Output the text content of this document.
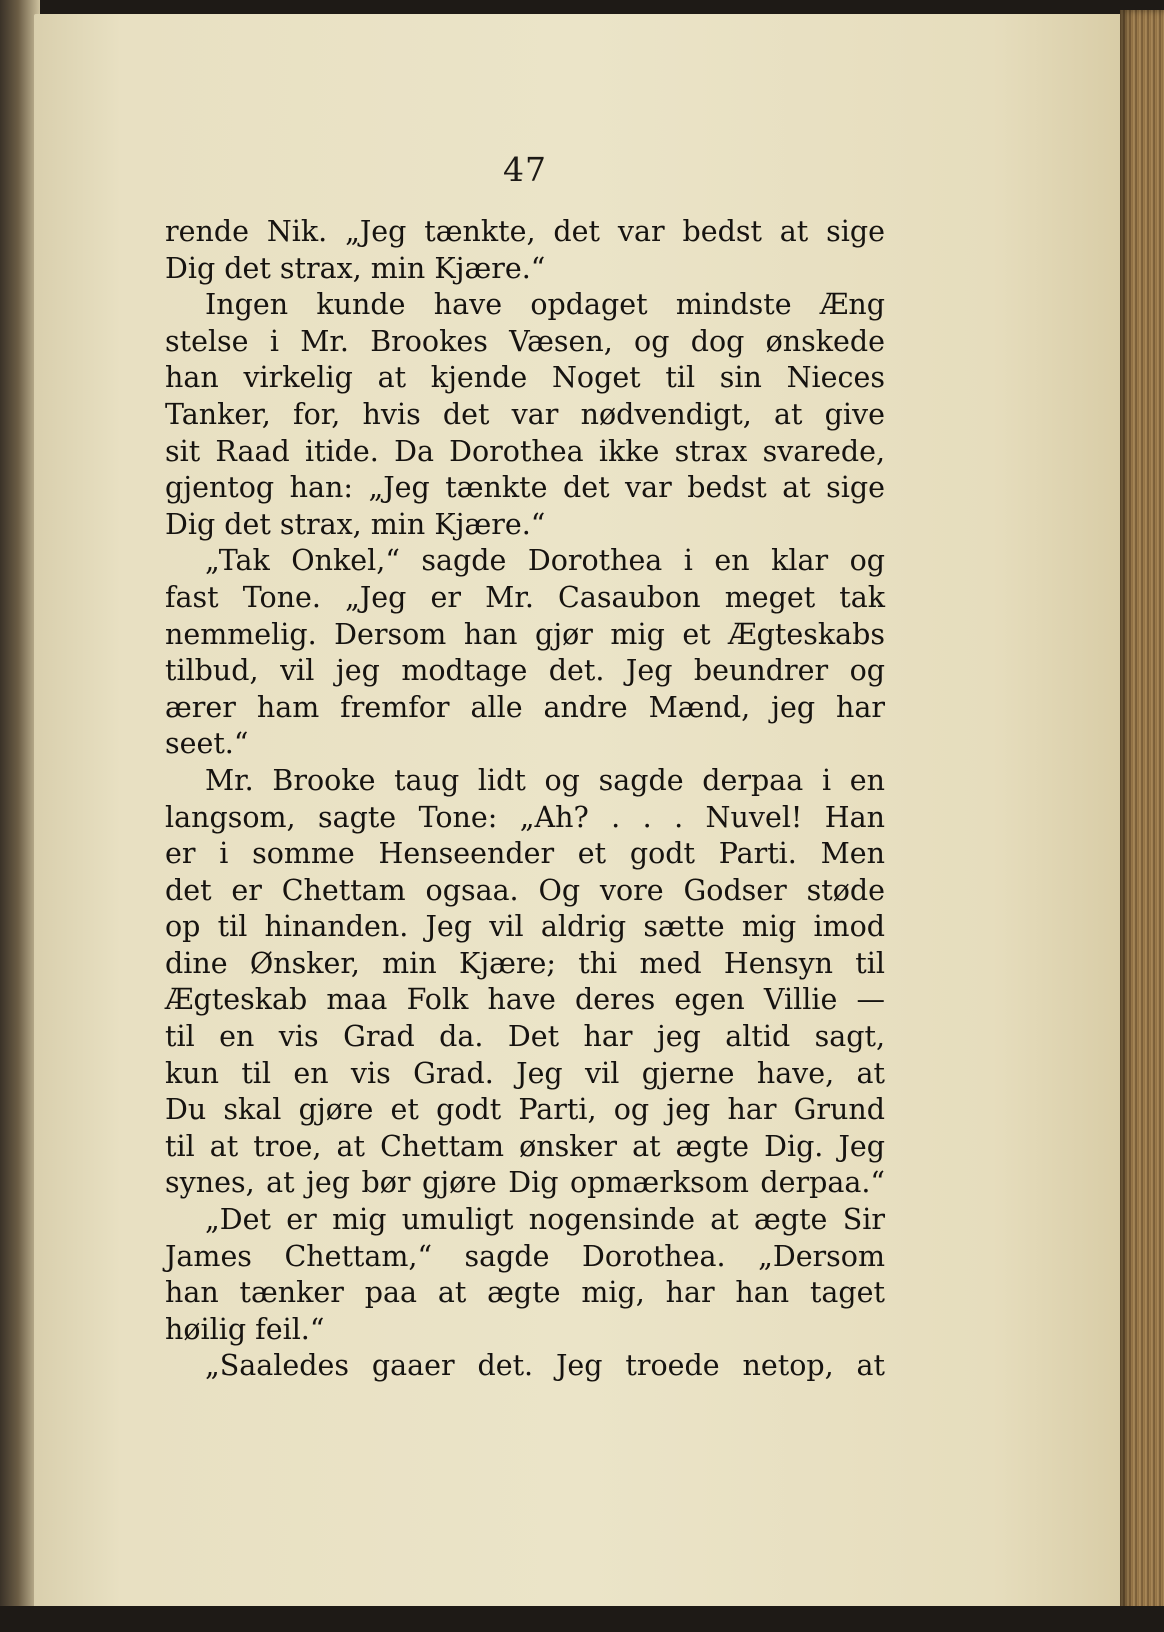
47
rende Nik. „Jeg tænkte, det var bedst at sige
Dig det strax, min Kjære.“
Ingen kunde have opdaget mindste Æng
stelse i Mr. Brookes Væsen, og dog ønskede
han virkelig at kjende Noget til sin Nieces
Tanker, for, hvis det var nødvendigt, at give
sit Raad itide. Da Dorothea ikke strax svarede,
gjentog han: „Jeg tænkte det var bedst at sige
Dig det strax, min Kjære.“
„Tak Onkel,“ sagde Dorothea i en klar og
fast Tone. „Jeg er Mr. Casaubon meget tak
nemmelig. Dersom han gjør mig et Ægteskabs
tilbud, vil jeg modtage det. Jeg beundrer og
ærer ham fremfor alle andre Mænd, jeg har
seet.“
Mr. Brooke taug lidt og sagde derpaa i en
langsom, sagte Tone: „Ah? . . . Nuvel! Han
er i somme Henseender et godt Parti. Men
det er Chettam ogsaa. Og vore Godser støde
op til hinanden. Jeg vil aldrig sætte mig imod
dine Ønsker, min Kjære; thi med Hensyn til
Ægteskab maa Folk have deres egen Villie —
til en vis Grad da. Det har jeg altid sagt,
kun til en vis Grad. Jeg vil gjerne have, at
Du skal gjøre et godt Parti, og jeg har Grund
til at troe, at Chettam ønsker at ægte Dig. Jeg
synes, at jeg bør gjøre Dig opmærksom derpaa.“
„Det er mig umuligt nogensinde at ægte Sir
James Chettam,“ sagde Dorothea. „Dersom
han tænker paa at ægte mig, har han taget
høilig feil.“
„Saaledes gaaer det. Jeg troede netop, at
